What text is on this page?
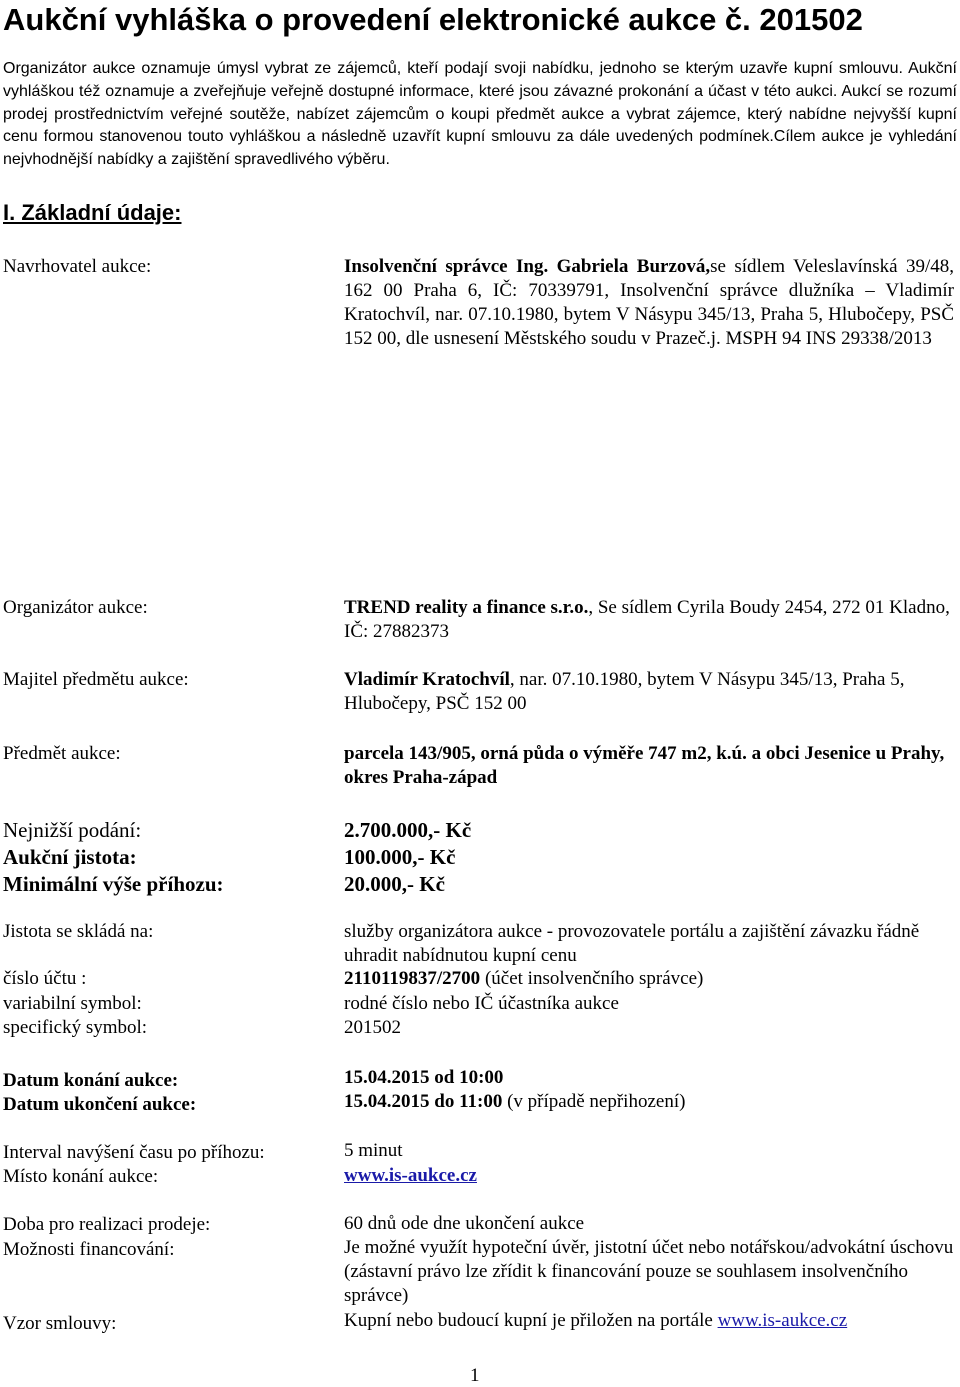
Aukční vyhláška o provedení elektronické aukce č. 201502
Organizátor aukce oznamuje úmysl vybrat ze zájemců, kteří podají svoji nabídku, jednoho se kterým uzavře kupní smlouvu. Aukční vyhláškou též oznamuje a zveřejňuje veřejně dostupné informace, které jsou závazné prokonání a účast v této aukci. Aukcí se rozumí prodej prostřednictvím veřejné soutěže, nabízet zájemcům o koupi předmět aukce a vybrat zájemce, který nabídne nejvyšší kupní cenu formou stanovenou touto vyhláškou a následně uzavřít kupní smlouvu za dále uvedených podmínek.Cílem aukce je vyhledání nejvhodnější nabídky a zajištění spravedlivého výběru.
I. Základní údaje:
Navrhovatel aukce:	Insolvenční správce Ing. Gabriela Burzová,se sídlem Veleslavínská 39/48, 162 00 Praha 6, IČ: 70339791, Insolvenční správce dlužníka – Vladimír Kratochvíl, nar. 07.10.1980, bytem V Násypu 345/13, Praha 5, Hlubočepy, PSČ 152 00, dle usnesení Městského soudu v Prazeč.j. MSPH 94 INS 29338/2013
Organizátor aukce:	TREND reality a finance s.r.o., Se sídlem Cyrila Boudy 2454, 272 01 Kladno, IČ: 27882373
Majitel předmětu aukce:	Vladimír Kratochvíl, nar. 07.10.1980, bytem V Násypu 345/13, Praha 5, Hlubočepy, PSČ 152 00
Předmět aukce:	parcela 143/905, orná půda o výměře 747 m2, k.ú. a obci Jesenice u Prahy, okres Praha-západ
Nejnižší podání:	2.700.000,- Kč
Aukční jistota:	100.000,- Kč
Minimální výše příhozu:	20.000,- Kč
Jistota se skládá na:	služby organizátora aukce - provozovatele portálu a zajištění závazku řádně uhradit nabídnutou kupní cenu
číslo účtu :	2110119837/2700 (účet insolvenčního správce)
variabilní symbol:	rodné číslo nebo IČ účastníka aukce
specifický symbol:	201502
Datum konání aukce:	15.04.2015 od 10:00
Datum ukončení aukce:	15.04.2015 do 11:00 (v případě nepřihození)
Interval navýšení času po příhozu:	5 minut
Místo konání aukce:	www.is-aukce.cz
Doba pro realizaci prodeje:	60 dnů ode dne ukončení aukce
Možnosti financování:	Je možné využít hypoteční úvěr, jistotní účet nebo notářskou/advokátní úschovu (zástavní právo lze zřídit k financování pouze se souhlasem insolvenčního správce)
Vzor smlouvy:	Kupní nebo budoucí kupní je přiložen na portále www.is-aukce.cz
1
